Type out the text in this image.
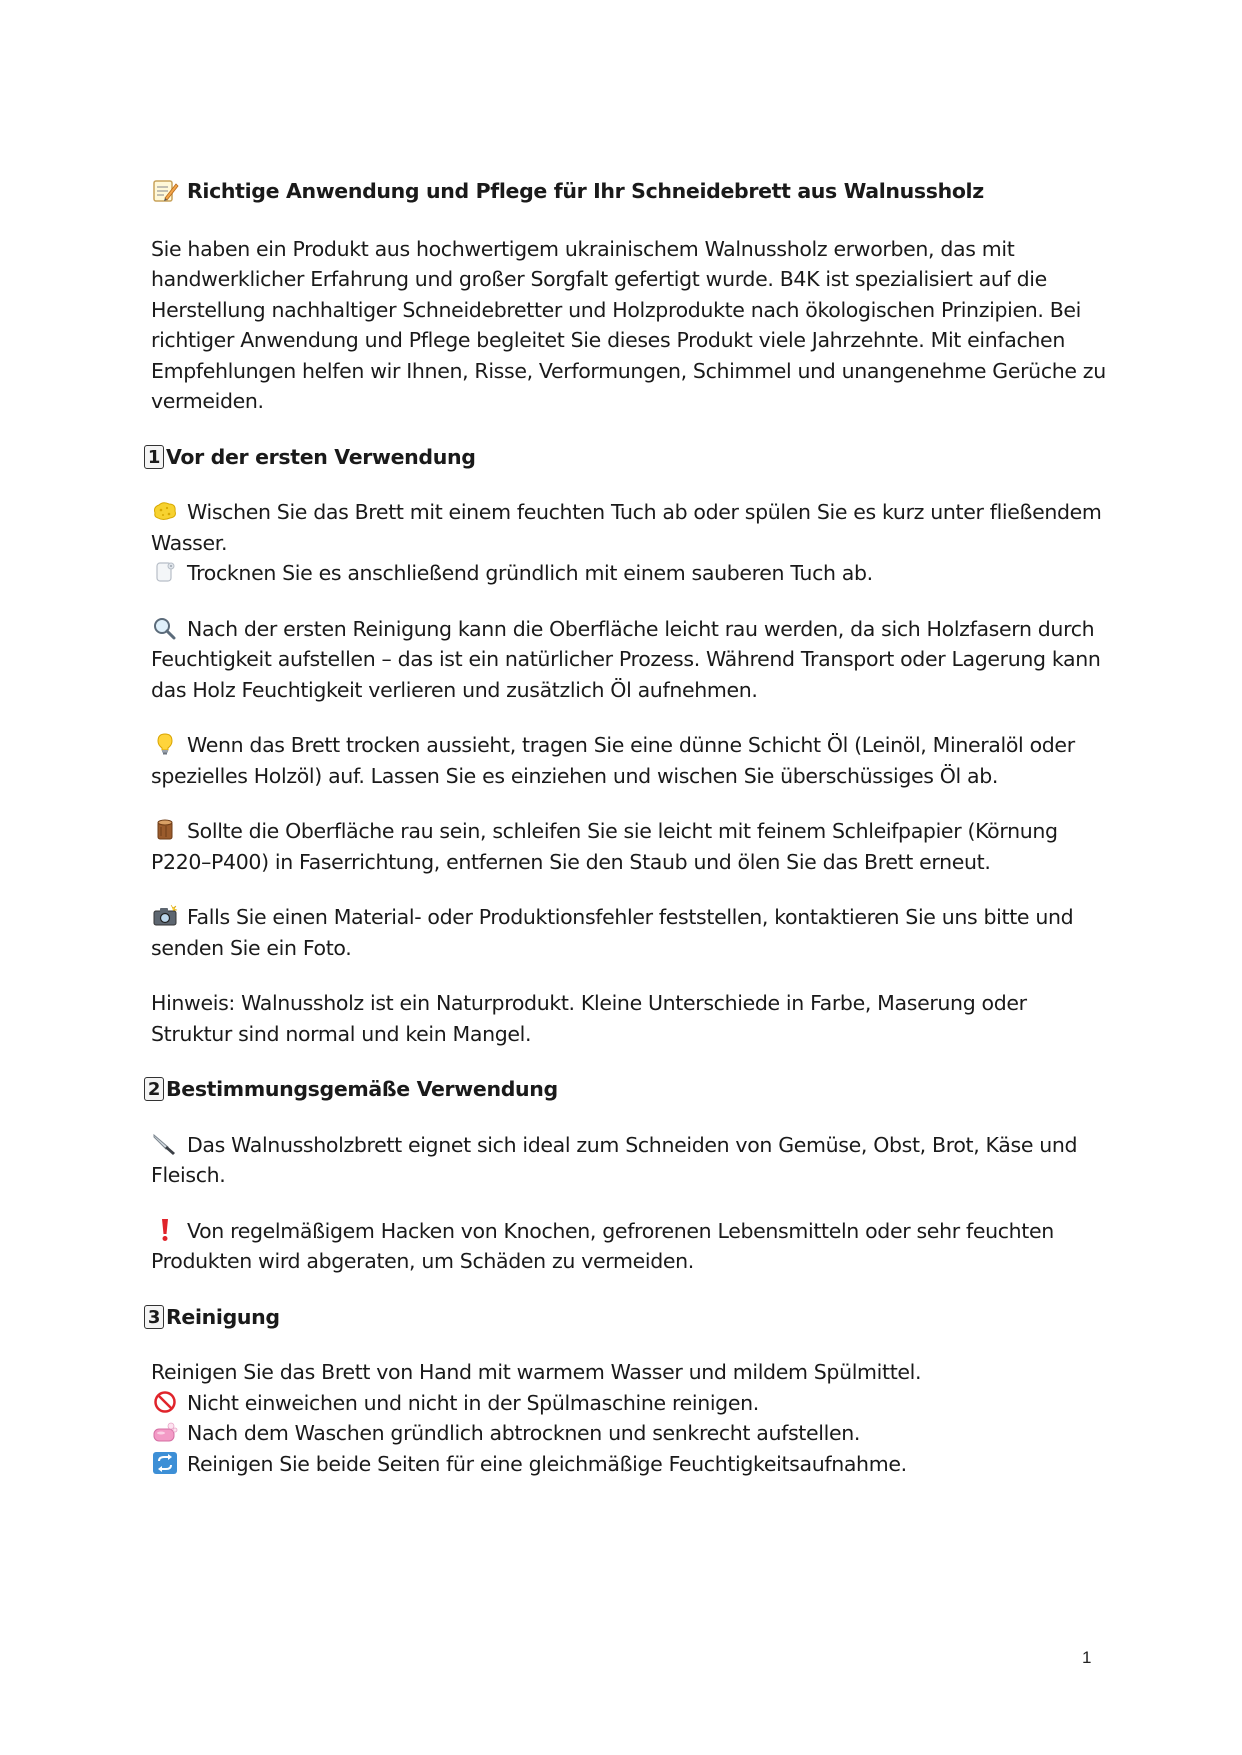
Richtige Anwendung und Pflege für Ihr Schneidebrett aus Walnussholz

Sie haben ein Produkt aus hochwertigem ukrainischem Walnussholz erworben, das mit handwerklicher Erfahrung und großer Sorgfalt gefertigt wurde. B4K ist spezialisiert auf die Herstellung nachhaltiger Schneidebretter und Holzprodukte nach ökologischen Prinzipien. Bei richtiger Anwendung und Pflege begleitet Sie dieses Produkt viele Jahrzehnte. Mit einfachen Empfehlungen helfen wir Ihnen, Risse, Verformungen, Schimmel und unangenehme Gerüche zu vermeiden.

1 Vor der ersten Verwendung

Wischen Sie das Brett mit einem feuchten Tuch ab oder spülen Sie es kurz unter fließendem Wasser.
Trocknen Sie es anschließend gründlich mit einem sauberen Tuch ab.

Nach der ersten Reinigung kann die Oberfläche leicht rau werden, da sich Holzfasern durch Feuchtigkeit aufstellen – das ist ein natürlicher Prozess. Während Transport oder Lagerung kann das Holz Feuchtigkeit verlieren und zusätzlich Öl aufnehmen.

Wenn das Brett trocken aussieht, tragen Sie eine dünne Schicht Öl (Leinöl, Mineralöl oder spezielles Holzöl) auf. Lassen Sie es einziehen und wischen Sie überschüssiges Öl ab.

Sollte die Oberfläche rau sein, schleifen Sie sie leicht mit feinem Schleifpapier (Körnung P220–P400) in Faserrichtung, entfernen Sie den Staub und ölen Sie das Brett erneut.

Falls Sie einen Material- oder Produktionsfehler feststellen, kontaktieren Sie uns bitte und senden Sie ein Foto.

Hinweis: Walnussholz ist ein Naturprodukt. Kleine Unterschiede in Farbe, Maserung oder Struktur sind normal und kein Mangel.

2 Bestimmungsgemäße Verwendung

Das Walnussholzbrett eignet sich ideal zum Schneiden von Gemüse, Obst, Brot, Käse und Fleisch.

Von regelmäßigem Hacken von Knochen, gefrorenen Lebensmitteln oder sehr feuchten Produkten wird abgeraten, um Schäden zu vermeiden.

3 Reinigung

Reinigen Sie das Brett von Hand mit warmem Wasser und mildem Spülmittel.
Nicht einweichen und nicht in der Spülmaschine reinigen.
Nach dem Waschen gründlich abtrocknen und senkrecht aufstellen.
Reinigen Sie beide Seiten für eine gleichmäßige Feuchtigkeitsaufnahme.

1
